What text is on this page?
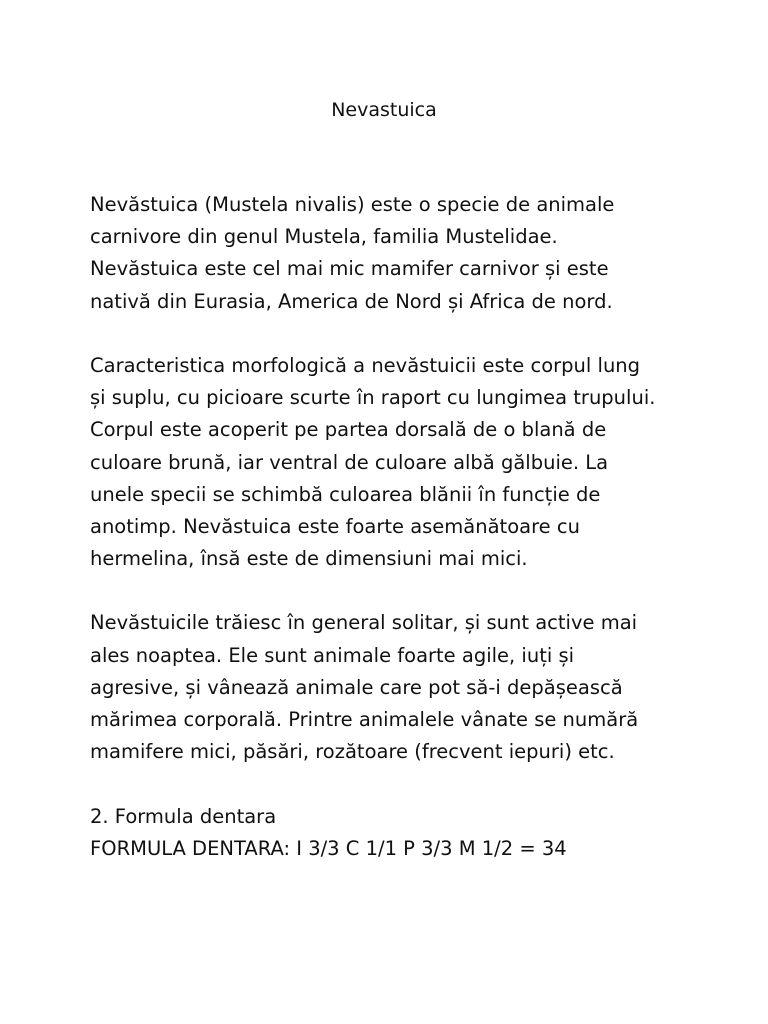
Nevastuica
Nevăstuica (Mustela nivalis) este o specie de animale
carnivore din genul Mustela, familia Mustelidae.
Nevăstuica este cel mai mic mamifer carnivor și este
nativă din Eurasia, America de Nord și Africa de nord.
Caracteristica morfologică a nevăstuicii este corpul lung
și suplu, cu picioare scurte în raport cu lungimea trupului.
Corpul este acoperit pe partea dorsală de o blană de
culoare brună, iar ventral de culoare albă gălbuie. La
unele specii se schimbă culoarea blănii în funcție de
anotimp. Nevăstuica este foarte asemănătoare cu
hermelina, însă este de dimensiuni mai mici.
Nevăstuicile trăiesc în general solitar, și sunt active mai
ales noaptea. Ele sunt animale foarte agile, iuți și
agresive, și vânează animale care pot să-i depășească
mărimea corporală. Printre animalele vânate se numără
mamifere mici, păsări, rozătoare (frecvent iepuri) etc.
2. Formula dentara
FORMULA DENTARA: I 3/3 C 1/1 P 3/3 M 1/2 = 34
